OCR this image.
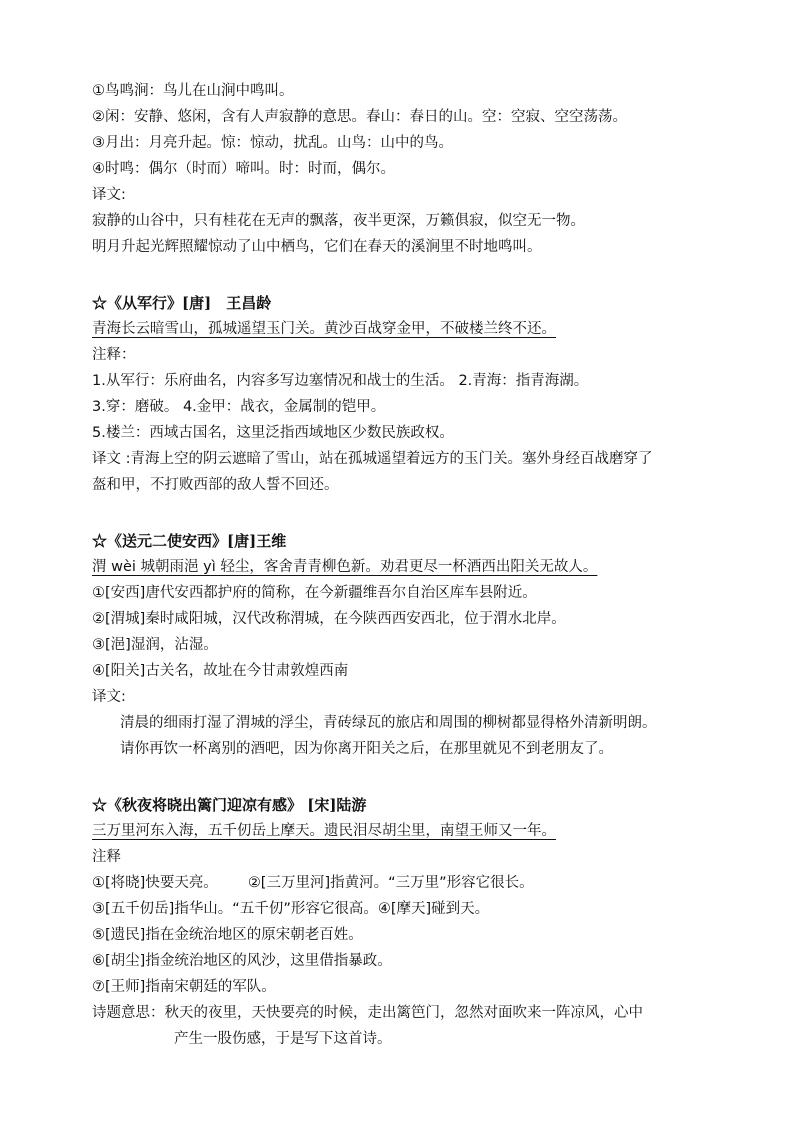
①鸟鸣涧：鸟儿在山涧中鸣叫。
②闲：安静、悠闲，含有人声寂静的意思。春山：春日的山。空：空寂、空空荡荡。
③月出：月亮升起。惊：惊动，扰乱。山鸟：山中的鸟。
④时鸣：偶尔（时而）啼叫。时：时而，偶尔。
译文:
寂静的山谷中，只有桂花在无声的飘落，夜半更深，万籁俱寂，似空无一物。
明月升起光辉照耀惊动了山中栖鸟，它们在春天的溪涧里不时地鸣叫。
☆《从军行》[唐]　王昌龄
青海长云暗雪山，孤城遥望玉门关。黄沙百战穿金甲，不破楼兰终不还。
注释：
1.从军行：乐府曲名，内容多写边塞情况和战士的生活。 2.青海：指青海湖。
3.穿：磨破。 4.金甲：战衣，金属制的铠甲。
5.楼兰：西域古国名，这里泛指西域地区少数民族政权。
译文 :青海上空的阴云遮暗了雪山，站在孤城遥望着远方的玉门关。塞外身经百战磨穿了
盔和甲，不打败西部的敌人誓不回还。
☆《送元二使安西》[唐]王维
渭 wèi 城朝雨浥 yì 轻尘，客舍青青柳色新。劝君更尽一杯酒西出阳关无故人。
①[安西]唐代安西都护府的简称，在今新疆维吾尔自治区库车县附近。
②[渭城]秦时咸阳城，汉代改称渭城，在今陕西西安西北，位于渭水北岸。
③[浥]湿润，沾湿。
④[阳关]古关名，故址在今甘肃敦煌西南
译文:
清晨的细雨打湿了渭城的浮尘，青砖绿瓦的旅店和周围的柳树都显得格外清新明朗。
请你再饮一杯离别的酒吧，因为你离开阳关之后，在那里就见不到老朋友了。
☆《秋夜将晓出篱门迎凉有感》 [宋]陆游
三万里河东入海，五千仞岳上摩天。遗民泪尽胡尘里，南望王师又一年。
注释
①[将晓]快要天亮。 ②[三万里河]指黄河。“三万里”形容它很长。
③[五千仞岳]指华山。“五千仞”形容它很高。④[摩天]碰到天。
⑤[遗民]指在金统治地区的原宋朝老百姓。
⑥[胡尘]指金统治地区的风沙，这里借指暴政。
⑦[王师]指南宋朝廷的军队。
诗题意思：秋天的夜里，天快要亮的时候，走出篱笆门，忽然对面吹来一阵凉风，心中
产生一股伤感，于是写下这首诗。
